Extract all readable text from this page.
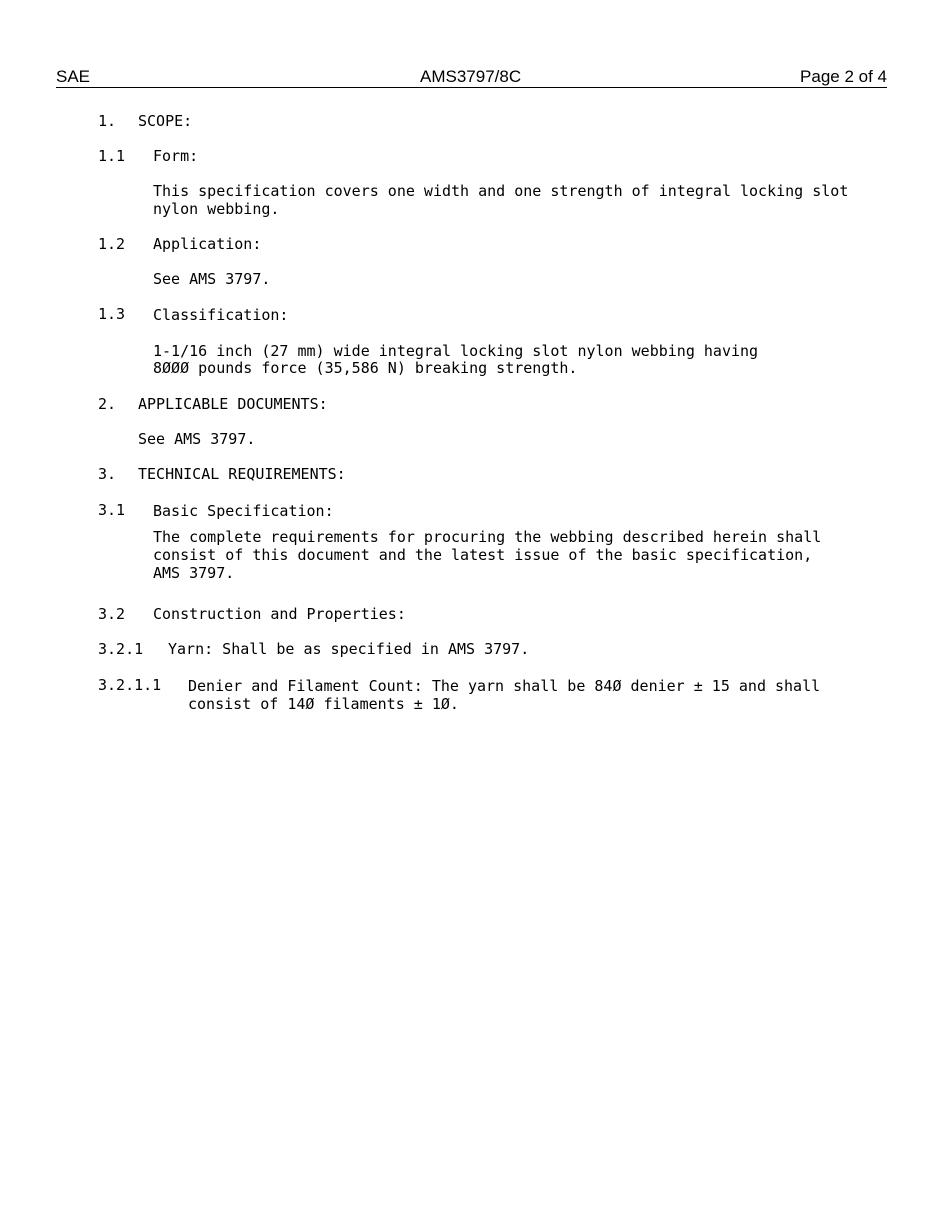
SAE	AMS3797/8C	Page 2 of 4
1. SCOPE:
1.1 Form:
This specification covers one width and one strength of integral locking slot
nylon webbing.
1.2 Application:
See AMS 3797.
1.3 Classification:
1-1/16 inch (27 mm) wide integral locking slot nylon webbing having
8ØØØ pounds force (35,586 N) breaking strength.
2. APPLICABLE DOCUMENTS:
See AMS 3797.
3. TECHNICAL REQUIREMENTS:
3.1 Basic Specification:
The complete requirements for procuring the webbing described herein shall
consist of this document and the latest issue of the basic specification,
AMS 3797.
3.2 Construction and Properties:
3.2.1 Yarn: Shall be as specified in AMS 3797.
3.2.1.1 Denier and Filament Count: The yarn shall be 84Ø denier ± 15 and shall
consist of 14Ø filaments ± 1Ø.
